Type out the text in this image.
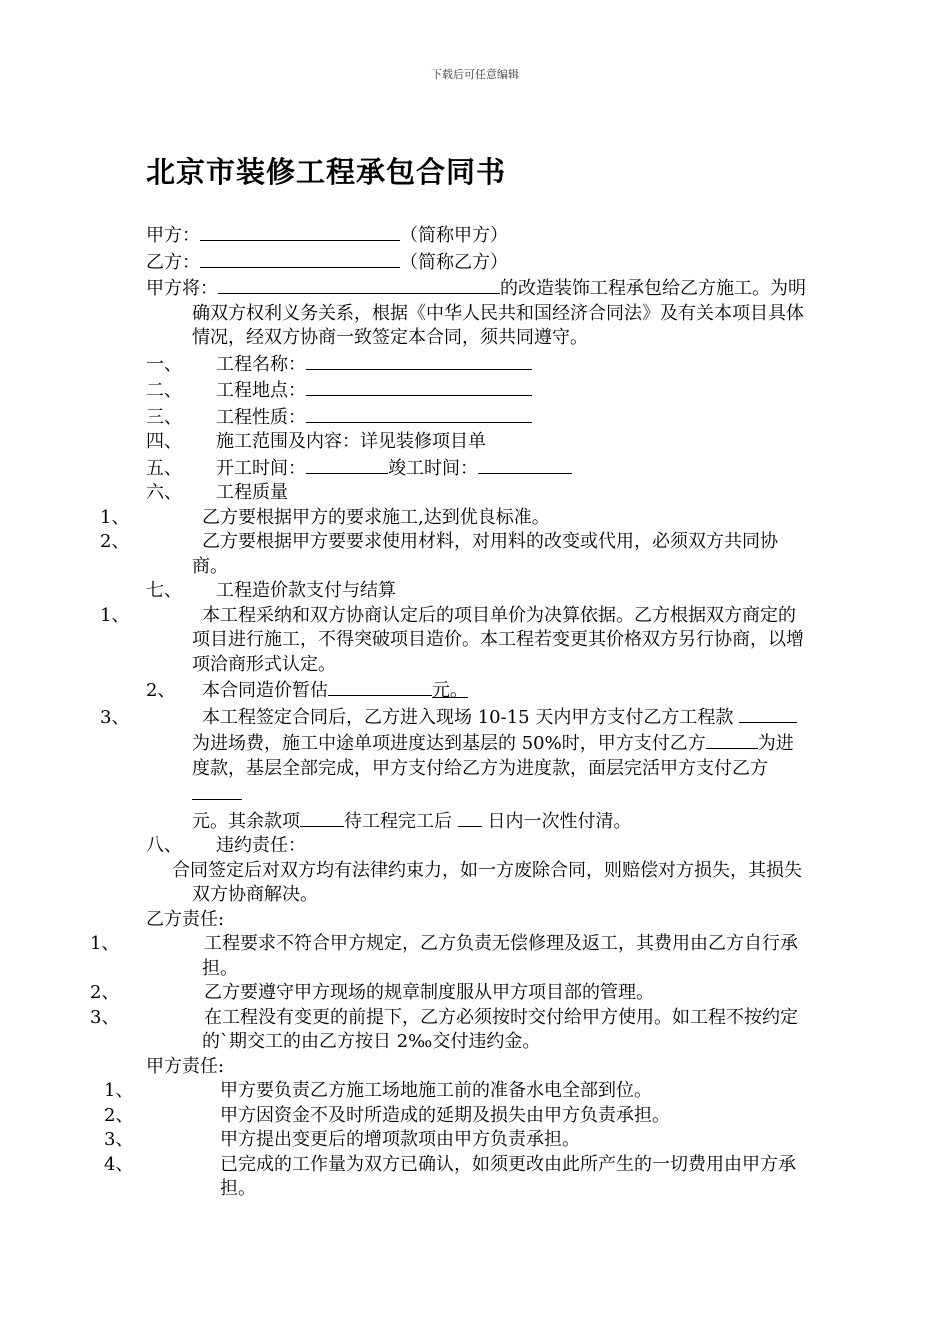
下载后可任意编辑
北京市装修工程承包合同书
甲方：	（简称甲方）
乙方：	（简称乙方）
甲方将：	的改造装饰工程承包给乙方施工。为明确双方权利义务关系，根据《中华人民共和国经济合同法》及有关本项目具体情况，经双方协商一致签定本合同，须共同遵守。
一、 工程名称：
二、 工程地点：
三、 工程性质：
四、 施工范围及内容：详见装修项目单
五、 开工时间：	竣工时间：
六、 工程质量
1、	乙方要根据甲方的要求施工,达到优良标准。
2、	乙方要根据甲方要要求使用材料，对用料的改变或代用，必须双方共同协商。
七、 工程造价款支付与结算
1、	本工程采纳和双方协商认定后的项目单价为决算依据。乙方根据双方商定的项目进行施工，不得突破项目造价。本工程若变更其价格双方另行协商，以增项洽商形式认定。
2、 本合同造价暂估	元。
3、	本工程签定合同后，乙方进入现场 10-15 天内甲方支付乙方工程款 为进场费，施工中途单项进度达到基层的 50%时，甲方支付乙方	为进度款，基层全部完成，甲方支付给乙方为进度款，面层完活甲方支付乙方
元。其余款项 待工程完工后  日内一次性付清。
八、 违约责任：
合同签定后对双方均有法律约束力，如一方废除合同，则赔偿对方损失，其损失双方协商解决。
乙方责任:
1、	工程要求不符合甲方规定，乙方负责无偿修理及返工，其费用由乙方自行承担。
2、	乙方要遵守甲方现场的规章制度服从甲方项目部的管理。
3、	在工程没有变更的前提下，乙方必须按时交付给甲方使用。如工程不按约定的`期交工的由乙方按日 2‰交付违约金。
甲方责任:
1、	甲方要负责乙方施工场地施工前的准备水电全部到位。
2、	甲方因资金不及时所造成的延期及损失由甲方负责承担。
3、	甲方提出变更后的增项款项由甲方负责承担。
4、	已完成的工作量为双方已确认，如须更改由此所产生的一切费用由甲方承担。
